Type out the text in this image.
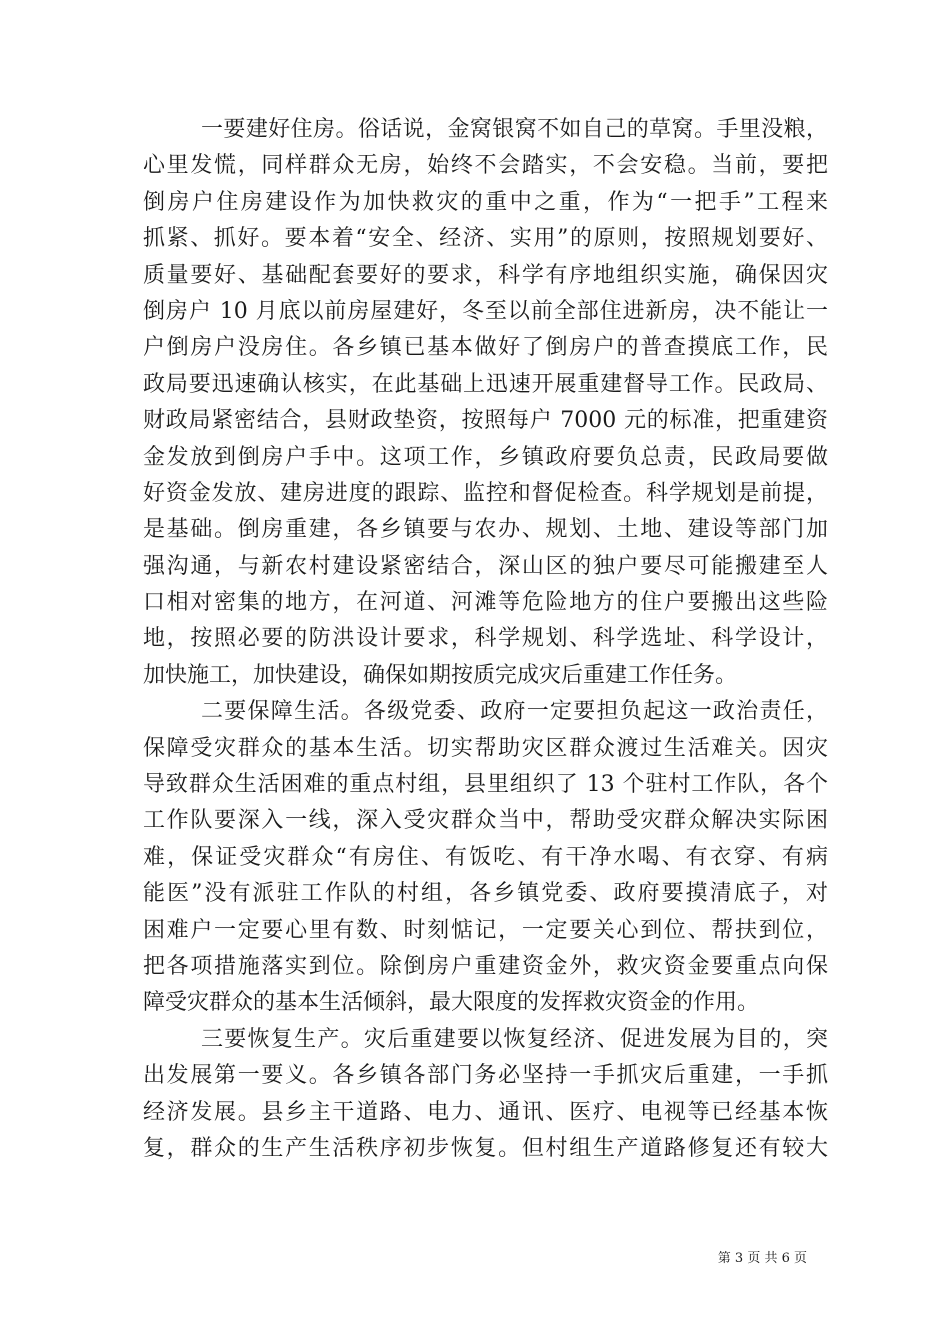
一要建好住房。俗话说，金窝银窝不如自己的草窝。手里没粮，
心里发慌，同样群众无房，始终不会踏实，不会安稳。当前，要把
倒房户住房建设作为加快救灾的重中之重，作为“一把手”工程来
抓紧、抓好。要本着“安全、经济、实用”的原则，按照规划要好、
质量要好、基础配套要好的要求，科学有序地组织实施，确保因灾
倒房户 10 月底以前房屋建好，冬至以前全部住进新房，决不能让一
户倒房户没房住。各乡镇已基本做好了倒房户的普查摸底工作，民
政局要迅速确认核实，在此基础上迅速开展重建督导工作。民政局、
财政局紧密结合，县财政垫资，按照每户 7000 元的标准，把重建资
金发放到倒房户手中。这项工作，乡镇政府要负总责，民政局要做
好资金发放、建房进度的跟踪、监控和督促检查。科学规划是前提，
是基础。倒房重建，各乡镇要与农办、规划、土地、建设等部门加
强沟通，与新农村建设紧密结合，深山区的独户要尽可能搬建至人
口相对密集的地方，在河道、河滩等危险地方的住户要搬出这些险
地，按照必要的防洪设计要求，科学规划、科学选址、科学设计，
加快施工，加快建设，确保如期按质完成灾后重建工作任务。
二要保障生活。各级党委、政府一定要担负起这一政治责任，
保障受灾群众的基本生活。切实帮助灾区群众渡过生活难关。因灾
导致群众生活困难的重点村组，县里组织了 13 个驻村工作队，各个
工作队要深入一线，深入受灾群众当中，帮助受灾群众解决实际困
难，保证受灾群众“有房住、有饭吃、有干净水喝、有衣穿、有病
能医”没有派驻工作队的村组，各乡镇党委、政府要摸清底子，对
困难户一定要心里有数、时刻惦记，一定要关心到位、帮扶到位，
把各项措施落实到位。除倒房户重建资金外，救灾资金要重点向保
障受灾群众的基本生活倾斜，最大限度的发挥救灾资金的作用。
三要恢复生产。灾后重建要以恢复经济、促进发展为目的，突
出发展第一要义。各乡镇各部门务必坚持一手抓灾后重建，一手抓
经济发展。县乡主干道路、电力、通讯、医疗、电视等已经基本恢
复，群众的生产生活秩序初步恢复。但村组生产道路修复还有较大
第 3 页 共 6 页
